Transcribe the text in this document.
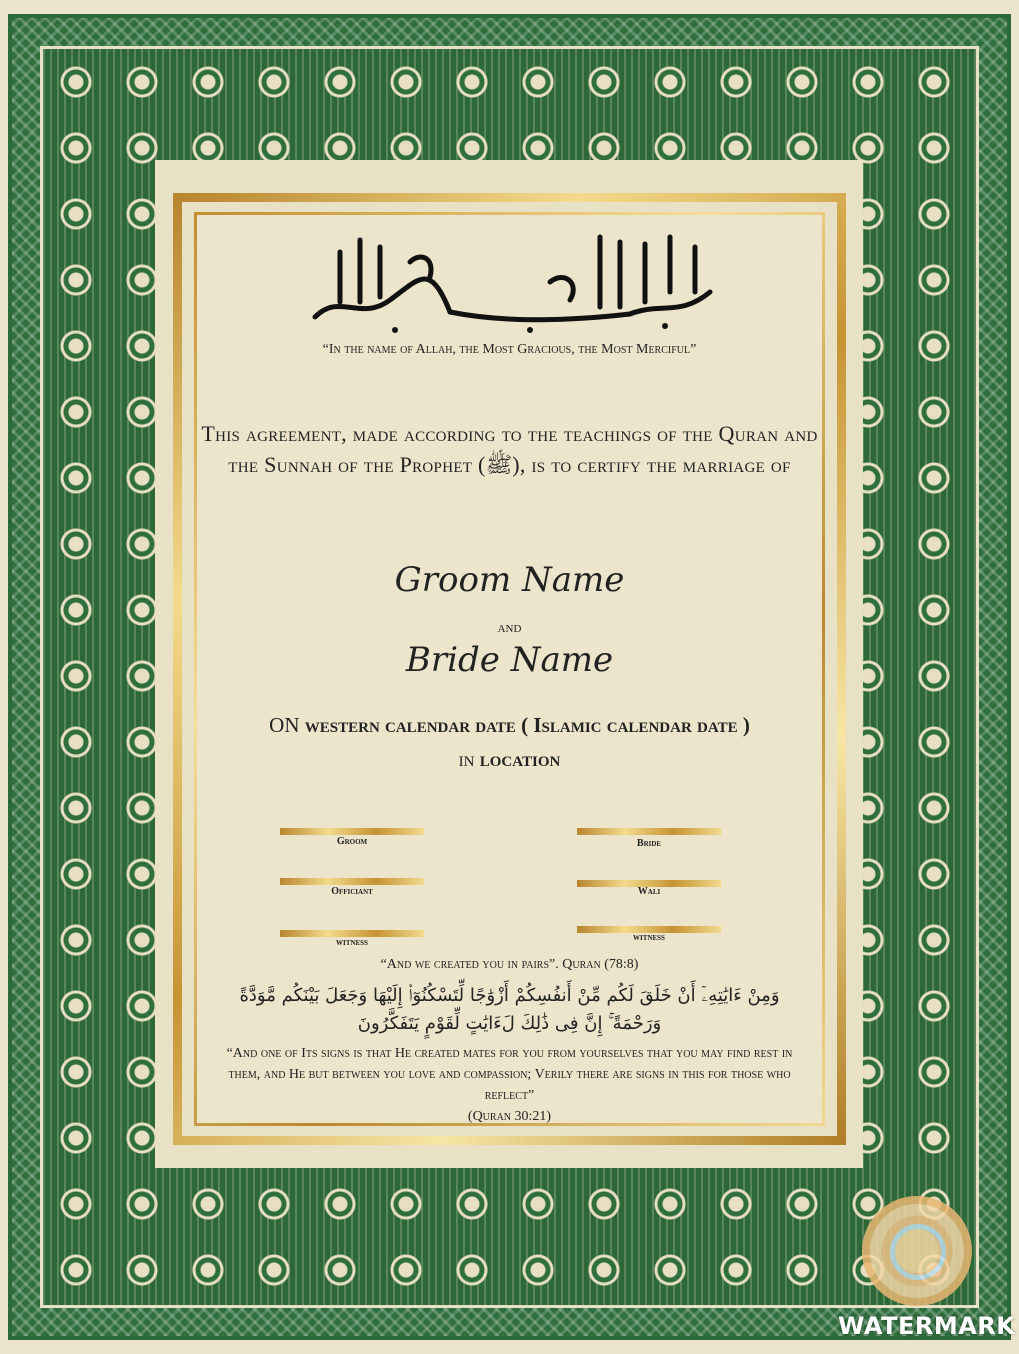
“In the name of Allah, the Most Gracious, the Most Merciful”
This agreement, made according to the teachings of the Quran and the Sunnah of the Prophet (ﷺ), is to certify the marriage of
Groom Name
and
Bride Name
ON western calendar date ( Islamic calendar date )
in location
Groom	Bride
Officiant	Wali
witness	witness
“And we created you in pairs”. Quran (78:8)
وَمِنْ ءَايَٰتِهِۦٓ أَنْ خَلَقَ لَكُم مِّنْ أَنفُسِكُمْ أَزْوَٰجًا لِّتَسْكُنُوٓا۟ إِلَيْهَا وَجَعَلَ بَيْنَكُم مَّوَدَّةً وَرَحْمَةً ۚ إِنَّ فِى ذَٰلِكَ لَءَايَٰتٍ لِّقَوْمٍ يَتَفَكَّرُونَ
“And one of Its signs is that He created mates for you from yourselves that you may find rest in them, and He but between you love and compassion; Verily there are signs in this for those who reflect”
(Quran 30:21)
WATERMARK
